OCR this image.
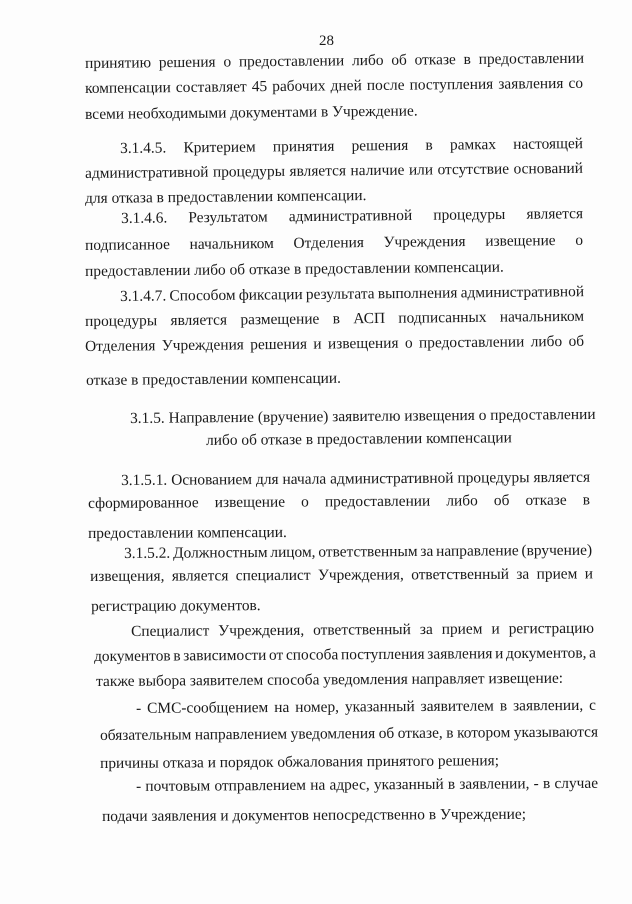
28
принятию решения о предоставлении либо об отказе в предоставлении
компенсации составляет 45 рабочих дней после поступления заявления со
всеми необходимыми документами в Учреждение.
3.1.4.5. Критерием принятия решения в рамках настоящей
административной процедуры является наличие или отсутствие оснований
для отказа в предоставлении компенсации.
3.1.4.6. Результатом административной процедуры является
подписанное начальником Отделения Учреждения извещение о
предоставлении либо об отказе в предоставлении компенсации.
3.1.4.7. Способом фиксации результата выполнения административной
процедуры является размещение в АСП подписанных начальником
Отделения Учреждения решения и извещения о предоставлении либо об
отказе в предоставлении компенсации.
3.1.5. Направление (вручение) заявителю извещения о предоставлении
либо об отказе в предоставлении компенсации
3.1.5.1. Основанием для начала административной процедуры является
сформированное извещение о предоставлении либо об отказе в
предоставлении компенсации.
3.1.5.2. Должностным лицом, ответственным за направление (вручение)
извещения, является специалист Учреждения, ответственный за прием и
регистрацию документов.
Специалист Учреждения, ответственный за прием и регистрацию
документов в зависимости от способа поступления заявления и документов, а
также выбора заявителем способа уведомления направляет извещение:
- СМС-сообщением на номер, указанный заявителем в заявлении, с
обязательным направлением уведомления об отказе, в котором указываются
причины отказа и порядок обжалования принятого решения;
- почтовым отправлением на адрес, указанный в заявлении, - в случае
подачи заявления и документов непосредственно в Учреждение;
